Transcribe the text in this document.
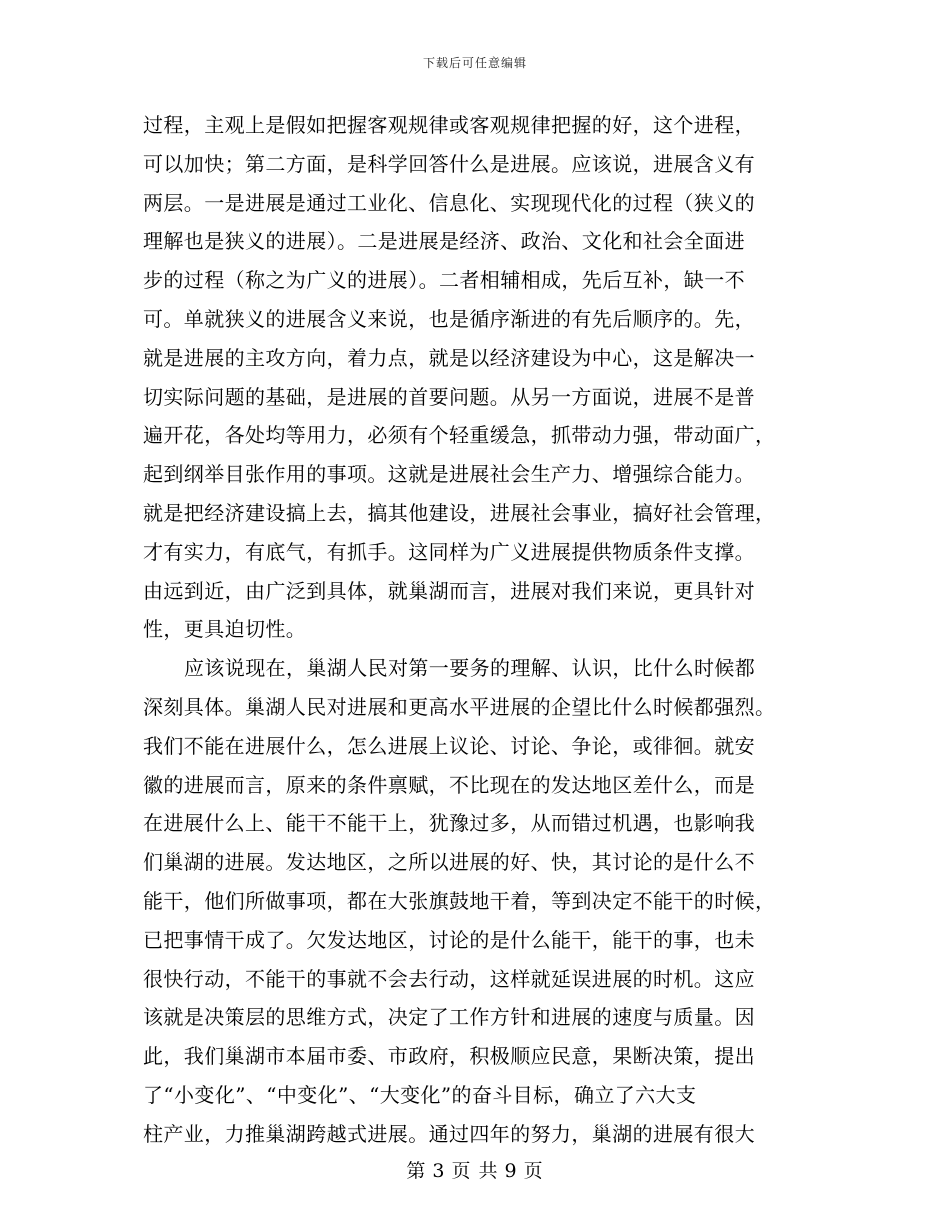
下载后可任意编辑
过程，主观上是假如把握客观规律或客观规律把握的好，这个进程，
可以加快；第二方面，是科学回答什么是进展。应该说，进展含义有
两层。一是进展是通过工业化、信息化、实现现代化的过程（狭义的
理解也是狭义的进展）。二是进展是经济、政治、文化和社会全面进
步的过程（称之为广义的进展）。二者相辅相成，先后互补，缺一不
可。单就狭义的进展含义来说，也是循序渐进的有先后顺序的。先，
就是进展的主攻方向，着力点，就是以经济建设为中心，这是解决一
切实际问题的基础，是进展的首要问题。从另一方面说，进展不是普
遍开花，各处均等用力，必须有个轻重缓急，抓带动力强，带动面广，
起到纲举目张作用的事项。这就是进展社会生产力、增强综合能力。
就是把经济建设搞上去，搞其他建设，进展社会事业，搞好社会管理，
才有实力，有底气，有抓手。这同样为广义进展提供物质条件支撑。
由远到近，由广泛到具体，就巢湖而言，进展对我们来说，更具针对
性，更具迫切性。
应该说现在，巢湖人民对第一要务的理解、认识，比什么时候都
深刻具体。巢湖人民对进展和更高水平进展的企望比什么时候都强烈。
我们不能在进展什么，怎么进展上议论、讨论、争论，或徘徊。就安
徽的进展而言，原来的条件禀赋，不比现在的发达地区差什么，而是
在进展什么上、能干不能干上，犹豫过多，从而错过机遇，也影响我
们巢湖的进展。发达地区，之所以进展的好、快，其讨论的是什么不
能干，他们所做事项，都在大张旗鼓地干着，等到决定不能干的时候，
已把事情干成了。欠发达地区，讨论的是什么能干，能干的事，也未
很快行动，不能干的事就不会去行动，这样就延误进展的时机。这应
该就是决策层的思维方式，决定了工作方针和进展的速度与质量。因
此，我们巢湖市本届市委、市政府，积极顺应民意，果断决策，提出
了“小变化”、“中变化”、“大变化”的奋斗目标，确立了六大支
柱产业，力推巢湖跨越式进展。通过四年的努力，巢湖的进展有很大
第 3 页 共 9 页
